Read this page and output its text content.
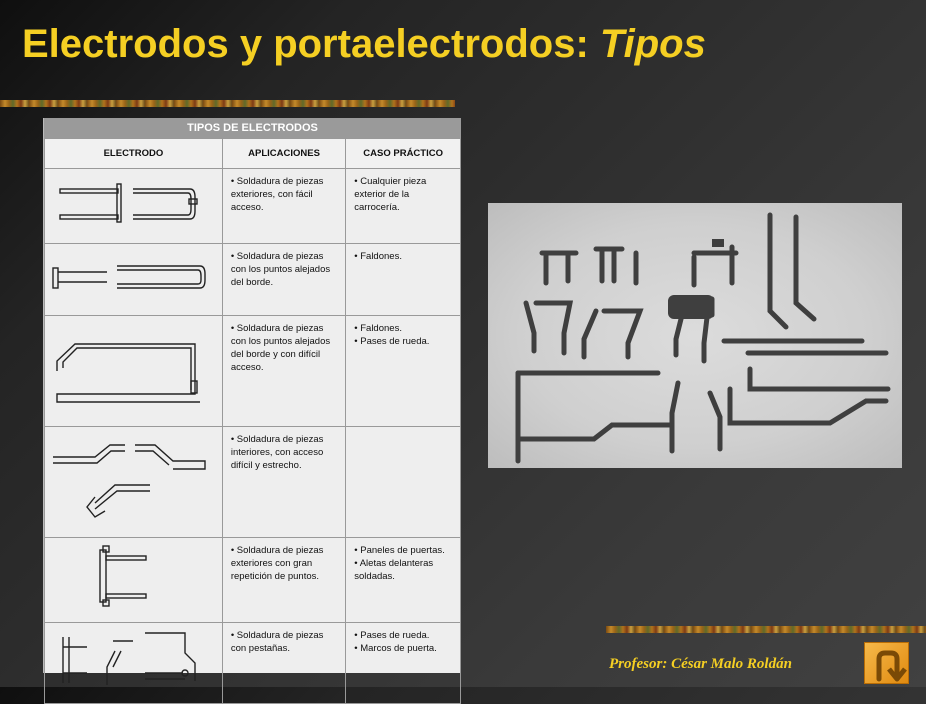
Electrodos y portaelectrodos: Tipos
TIPOS DE ELECTRODOS
ELECTRODO	APLICACIONES	CASO PRÁCTICO

• Soldadura de piezas exteriores, con fácil acceso.	• Cualquier pieza exterior de la carrocería.

• Soldadura de piezas con los puntos alejados del borde.	• Faldones.

• Soldadura de piezas con los puntos alejados del borde y con difícil acceso.	• Faldones.
• Pases de rueda.

• Soldadura de piezas interiores, con acceso difícil y estrecho.

• Soldadura de piezas exteriores con gran repetición de puntos.	• Paneles de puertas.
• Aletas delanteras soldadas.

• Soldadura de piezas con pestañas.	• Pases de rueda.
• Marcos de puerta.
Profesor: César Malo Roldán
